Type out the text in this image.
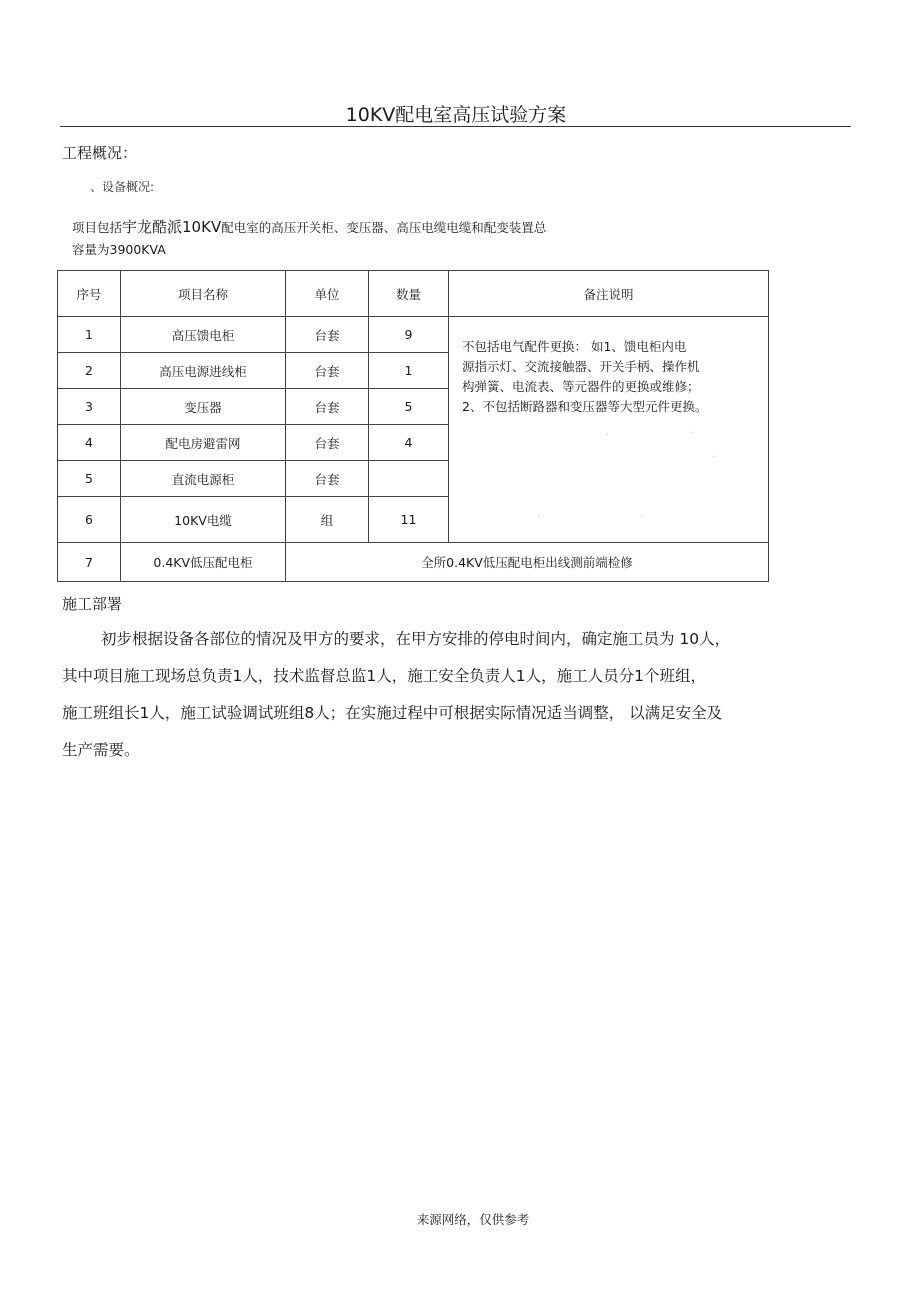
10KV配电室高压试验方案
工程概况：
、设备概况:
项目包括宇龙酷派10KV配电室的高压开关柜、变压器、高压电缆电缆和配变装置总
容量为3900KVA
序号	项目名称	单位	数量	备注说明
1	高压馈电柜	台套	9	不包括电气配件更换： 如1、馈电柜内电
源指示灯、交流接触器、开关手柄、操作机
构弹簧、电流表、等元器件的更换或维修；
2、不包括断路器和变压器等大型元件更换。

2	高压电源进线柜	台套	1	
3	变压器	台套	5	
4	配电房避雷网	台套	4	
5	直流电源柜	台套		
6	10KV电缆	组	11	
7	0.4KV低压配电柜	全所0.4KV低压配电柜出线测前端检修		
·	·
·
·	·
施工部署
初步根据设备各部位的情况及甲方的要求，在甲方安排的停电时间内，确定施工员为 10人，
其中项目施工现场总负责1人，技术监督总监1人，施工安全负责人1人，施工人员分1个班组，
施工班组长1人，施工试验调试班组8人；在实施过程中可根据实际情况适当调整， 以满足安全及
生产需要。
来源网络，仅供参考
